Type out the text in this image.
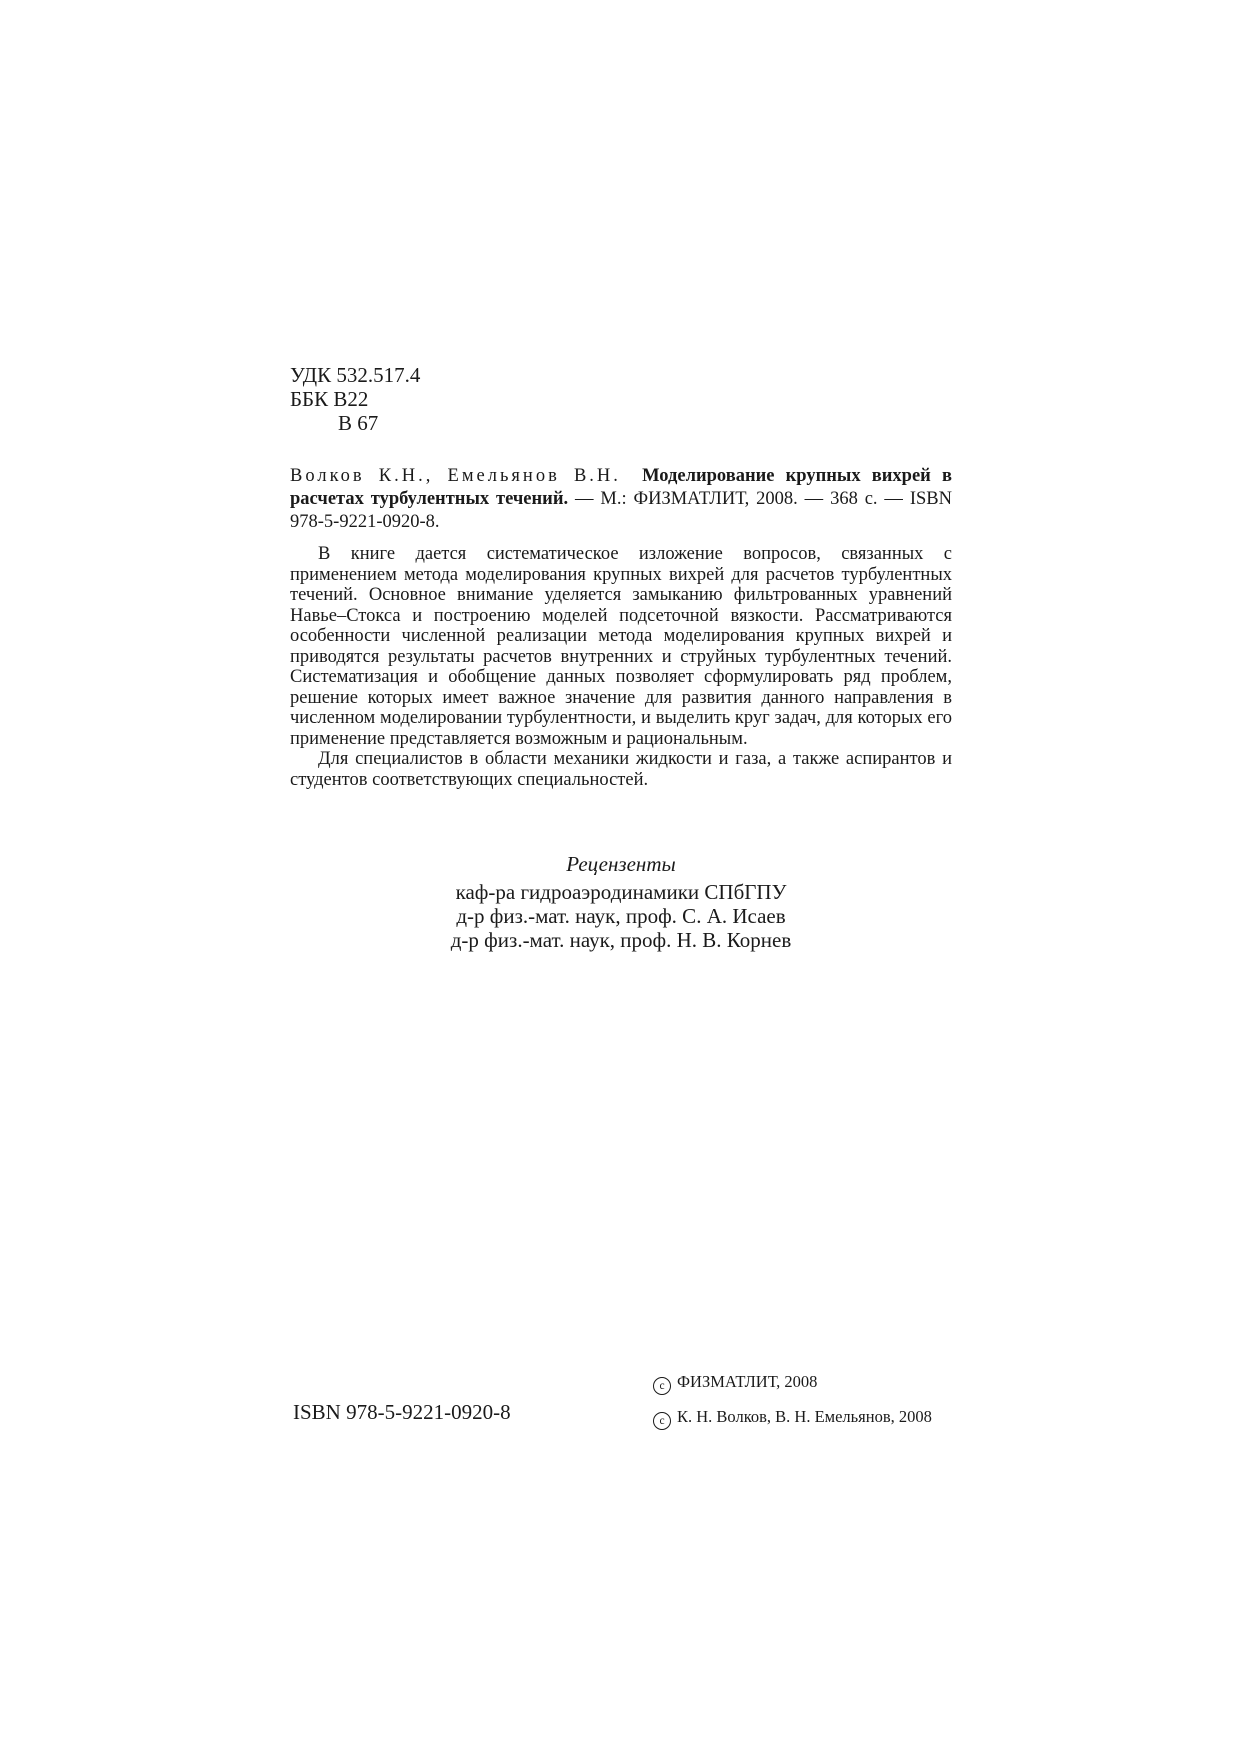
УДК 532.517.4
ББК В22
В 67
Волков К.Н., Емельянов В.Н. Моделирование крупных вихрей в расчетах турбулентных течений. — М.: ФИЗМАТЛИТ, 2008. — 368 с. — ISBN 978-5-9221-0920-8.

В книге дается систематическое изложение вопросов, связанных с применением метода моделирования крупных вихрей для расчетов турбулентных течений. Основное внимание уделяется замыканию фильтрованных уравнений Навье–Стокса и построению моделей подсеточной вязкости. Рассматриваются особенности численной реализации метода моделирования крупных вихрей и приводятся результаты расчетов внутренних и струйных турбулентных течений. Систематизация и обобщение данных позволяет сформулировать ряд проблем, решение которых имеет важное значение для развития данного направления в численном моделировании турбулентности, и выделить круг задач, для которых его применение представляется возможным и рациональным.

Для специалистов в области механики жидкости и газа, а также аспирантов и студентов соответствующих специальностей.

Рецензенты
каф-ра гидроаэродинамики СПбГПУ
д-р физ.-мат. наук, проф. С. А. Исаев
д-р физ.-мат. наук, проф. Н. В. Корнев
ISBN 978-5-9221-0920-8
c ФИЗМАТЛИТ, 2008
c К. Н. Волков, В. Н. Емельянов, 2008
